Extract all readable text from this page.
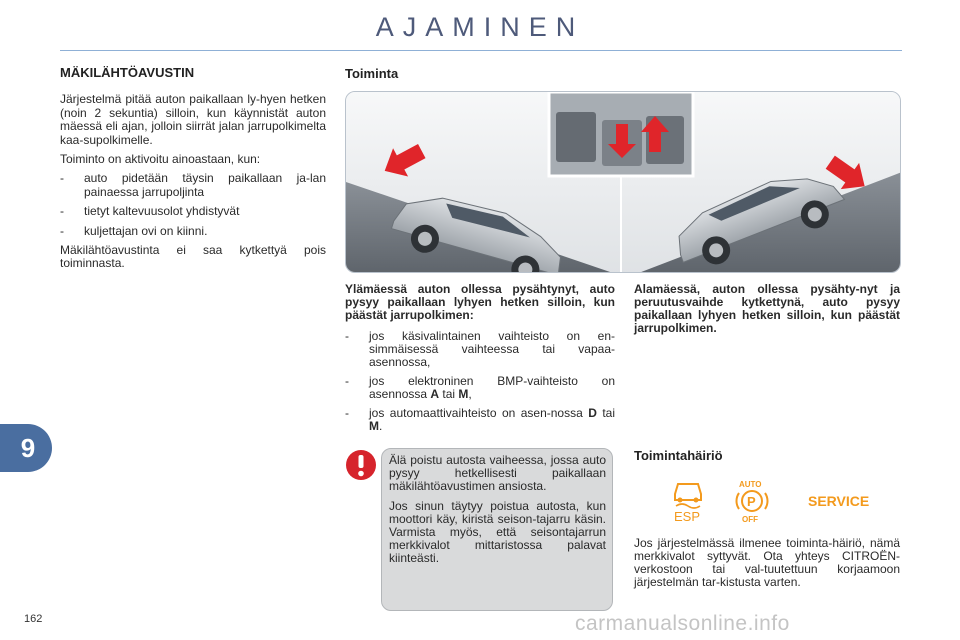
AJAMINEN
9
162
MÄKILÄHTÖAVUSTIN

Järjestelmä pitää auton paikallaan ly-hyen hetken (noin 2 sekuntia) silloin, kun käynnistät auton mäessä eli ajan, jolloin siirrät jalan jarrupolkimelta kaa-supolkimelle.

Toiminto on aktivoitu ainoastaan, kun:

- auto pidetään täysin paikallaan ja-lan painaessa jarrupoljinta
- tietyt kaltevuusolot yhdistyvät
- kuljettajan ovi on kiinni.

Mäkilähtöavustinta ei saa kytkettyä pois toiminnasta.

Toiminta

Ylämäessä auton ollessa pysähtynyt, auto pysyy paikallaan lyhyen hetken silloin, kun päästät jarrupolkimen:

- jos käsivalintainen vaihteisto on en-simmäisessä vaihteessa tai vapaa-asennossa,
- jos elektroninen BMP-vaihteisto on asennossa A tai M,
- jos automaattivaihteisto on asen-nossa D tai M.

Alamäessä, auton ollessa pysähty-nyt ja peruutusvaihde kytkettynä, auto pysyy paikallaan lyhyen hetken silloin, kun päästät jarrupolkimen.

Älä poistu autosta vaiheessa, jossa auto pysyy hetkellisesti paikallaan mäkilähtöavustimen ansiosta.

Jos sinun täytyy poistua autosta, kun moottori käy, kiristä seison-tajarru käsin. Varmista myös, että seisontajarrun merkkivalot mittaristossa palavat kiinteästi.

Toimintahäiriö
ESP
AUTO
P
OFF
SERVICE
Jos järjestelmässä ilmenee toiminta-häiriö, nämä merkkivalot syttyvät. Ota yhteys CITROËN-verkostoon tai val-tuutettuun korjaamoon järjestelmän tar-kistusta varten.
carmanualsonline.info
